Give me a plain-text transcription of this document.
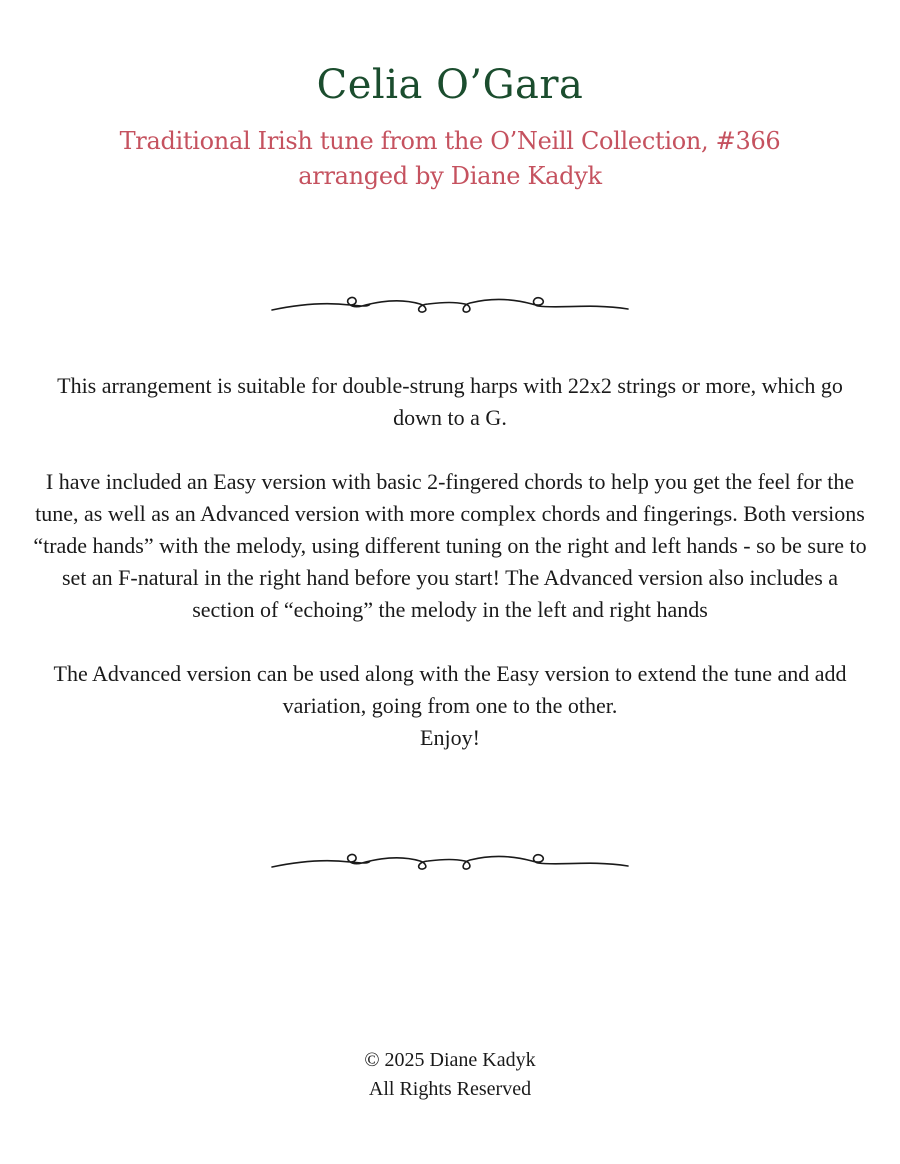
Celia O’Gara
Traditional Irish tune from the O’Neill Collection, #366
arranged by Diane Kadyk

This arrangement is suitable for double-strung harps with 22x2 strings or more, which go down to a G.

I have included an Easy version with basic 2-fingered chords to help you get the feel for the tune, as well as an Advanced version with more complex chords and fingerings. Both versions “trade hands” with the melody, using different tuning on the right and left hands - so be sure to set an F-natural in the right hand before you start! The Advanced version also includes a section of “echoing” the melody in the left and right hands

The Advanced version can be used along with the Easy version to extend the tune and add variation, going from one to the other.

Enjoy!

© 2025 Diane Kadyk
All Rights Reserved
